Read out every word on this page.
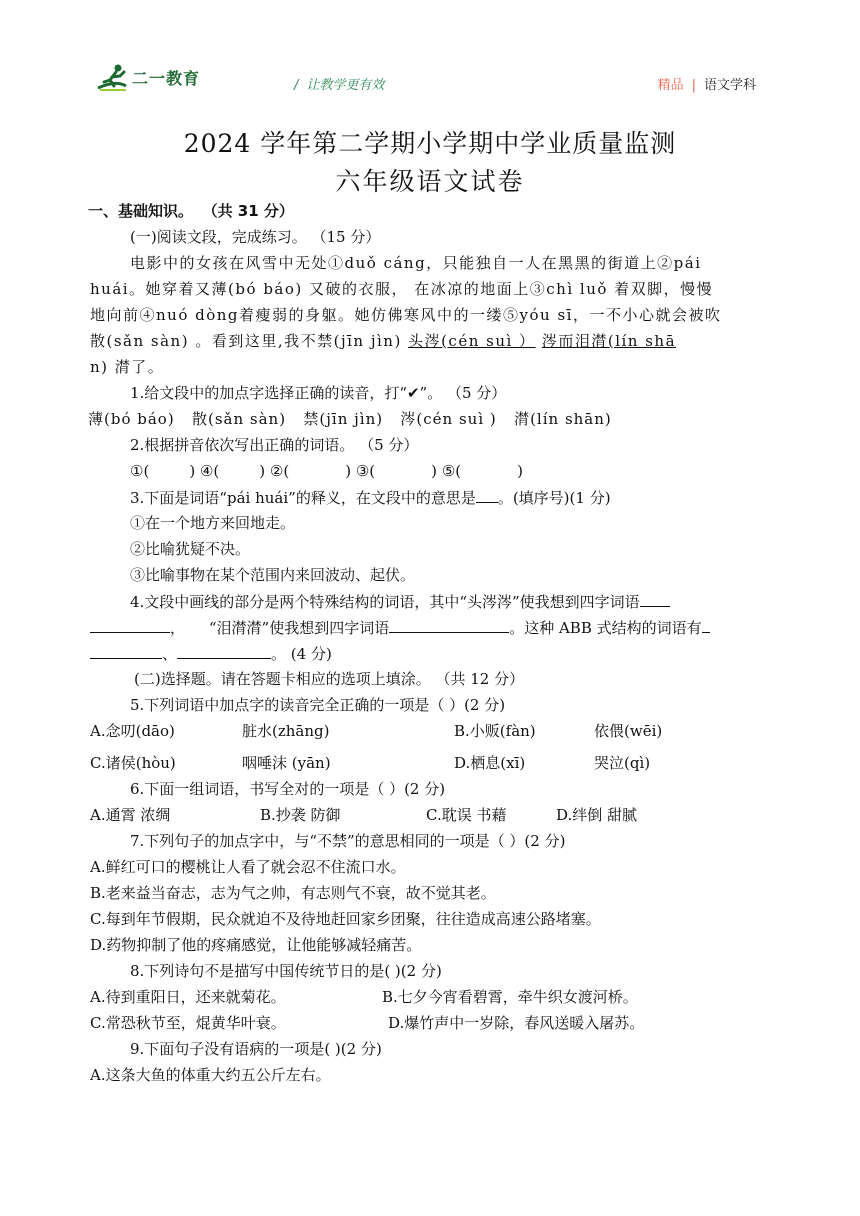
二一教育	/ 让教学更有效	精品 | 语文学科
2024 学年第二学期小学期中学业质量监测
六年级语文试卷
一、基础知识。 （共 31 分）
(一)阅读文段，完成练习。 （15 分）
电影中的女孩在风雪中无处①duǒ cáng，只能独自一人在黑黑的街道上②pái
huái。她穿着又薄(bó báo) 又破的衣服， 在冰凉的地面上③chì luǒ 着双脚，慢慢
地向前④nuó dòng着瘦弱的身躯。她仿佛寒风中的一缕⑤yóu sī，一不小心就会被吹
散(sǎn sàn) 。看到这里,我不禁(jīn jìn) 头涔(cén suì ） 涔而泪潸(lín shā
n) 潸了。
1.给文段中的加点字选择正确的读音，打“✔”。 （5 分）
薄(bó báo) 散(sǎn sàn) 禁(jīn jìn) 涔(cén suì ) 潸(lín shān)
2.根据拼音依次写出正确的词语。 （5 分）
①(	) ④(	) ②(	) ③(	) ⑤(	)
3.下面是词语“pái huái”的释义，在文段中的意思是 。(填序号)(1 分)
①在一个地方来回地走。
②比喻犹疑不决。
③比喻事物在某个范围内来回波动、起伏。
4.文段中画线的部分是两个特殊结构的词语，其中“头涔涔”使我想到四字词语
， “泪潸潸”使我想到四字词语	。这种 ABB 式结构的词语有
、	。 (4 分)
(二)选择题。请在答题卡相应的选项上填涂。 （共 12 分）
5.下列词语中加点字的读音完全正确的一项是（ ）(2 分)
A.念叨(dāo)	脏水(zhāng)	B.小贩(fàn)	依偎(wēi)
C.诸侯(hòu)	咽唾沫 (yān)	D.栖息(xī)	哭泣(qì)
6.下面一组词语，书写全对的一项是（ ）(2 分)
A.通霄 浓绸	B.抄袭 防御	C.耽误 书藉	D.绊倒 甜腻
7.下列句子的加点字中，与“不禁”的意思相同的一项是（ ）(2 分)
A.鲜红可口的樱桃让人看了就会忍不住流口水。
B.老来益当奋志，志为气之帅，有志则气不衰，故不觉其老。
C.每到年节假期，民众就迫不及待地赶回家乡团聚，往往造成高速公路堵塞。
D.药物抑制了他的疼痛感觉，让他能够减轻痛苦。
8.下列诗句不是描写中国传统节日的是( )(2 分)
A.待到重阳日，还来就菊花。	B.七夕今宵看碧霄，牵牛织女渡河桥。
C.常恐秋节至，焜黄华叶衰。	D.爆竹声中一岁除，春风送暖入屠苏。
9.下面句子没有语病的一项是( )(2 分)
A.这条大鱼的体重大约五公斤左右。
